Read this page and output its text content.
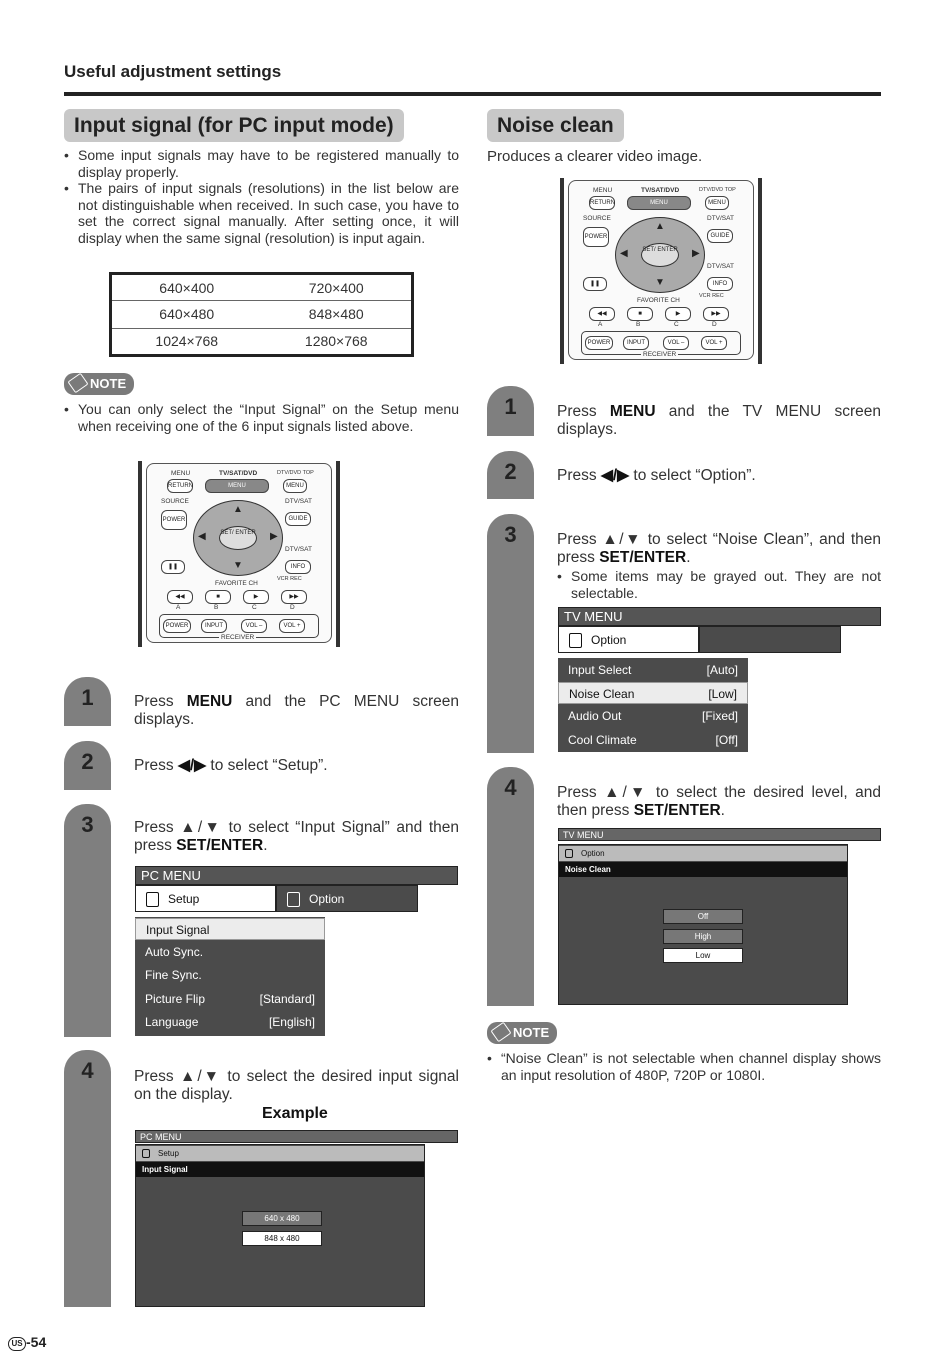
Useful adjustment settings
Input signal (for PC input mode)
• Some input signals may have to be registered manually to display properly.
• The pairs of input signals (resolutions) in the list below are not distinguishable when received. In such case, you have to set the correct signal manually. After setting once, it will display when the same signal (resolution) is input again.
640×400	720×400
640×480	848×480
1024×768	1280×768
NOTE
• You can only select the “Input Signal” on the Setup menu when receiving one of the 6 input signals listed above.
MENU	TV/SAT/DVD	DTV/DVD TOP
RETURN	MENU	MENU
SOURCE	DTV/SAT
POWER	GUIDE
▲
▼
◀	▶
SET/ ENTER
DTV/SAT
❚❚	INFO
FAVORITE CH
VCR REC
◀◀	■	▶	▶▶
A	B	C	D
POWER	INPUT	VOL –	VOL +
RECEIVER
1	Press MENU and the PC MENU screen displays.
2	Press ◀/▶ to select “Setup”.
3	Press ▲/▼ to select “Input Signal” and then press SET/ENTER.
PC MENU
Setup	Option
Input Signal
Auto Sync.
Fine Sync.
Picture Flip	[Standard]
Language	[English]
4	Press ▲/▼ to select the desired input signal on the display.
Example
PC MENU
Setup
Input Signal
640 x 480
848 x 480
Noise clean
Produces a clearer video image.
MENU	TV/SAT/DVD	DTV/DVD TOP
RETURN	MENU	MENU
SOURCE	DTV/SAT
POWER	GUIDE
▲
▼
◀	▶
SET/ ENTER
DTV/SAT
❚❚	INFO
FAVORITE CH
VCR REC
◀◀	■	▶	▶▶
A	B	C	D
POWER	INPUT	VOL –	VOL +
RECEIVER
1	Press MENU and the TV MENU screen displays.
2	Press ◀/▶ to select “Option”.
3	Press ▲/▼ to select “Noise Clean”, and then press SET/ENTER.
• Some items may be grayed out. They are not selectable.
TV MENU
Option
Input Select	[Auto]
Noise Clean	[Low]
Audio Out	[Fixed]
Cool Climate	[Off]
4	Press ▲/▼ to select the desired level, and then press SET/ENTER.
TV MENU
Option
Noise Clean
Off
High
Low
NOTE
• “Noise Clean” is not selectable when channel display shows an input resolution of 480P, 720P or 1080I.
US -54
